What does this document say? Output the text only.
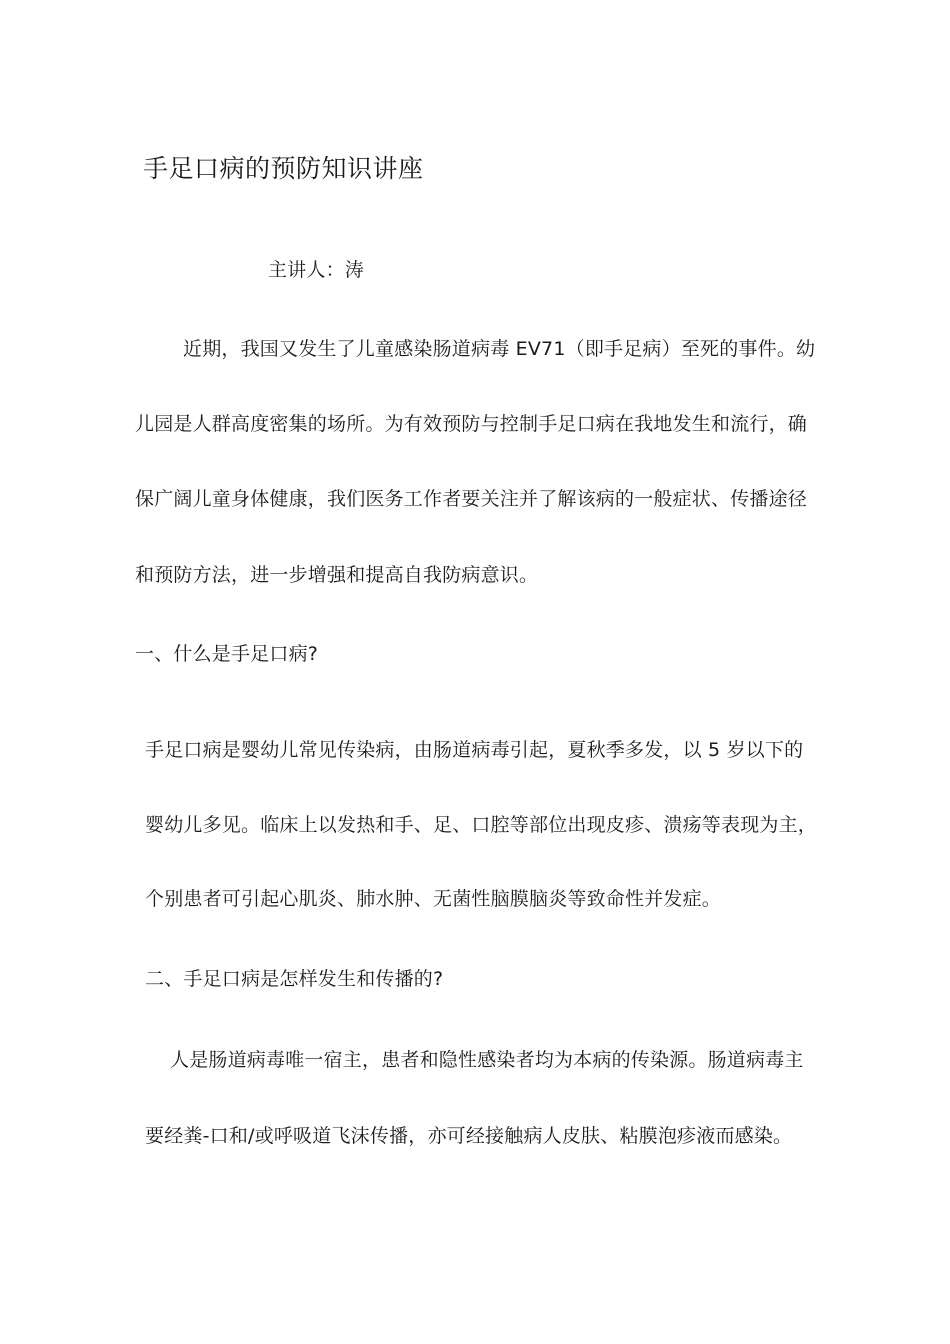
手足口病的预防知识讲座
主讲人：涛
近期，我国又发生了儿童感染肠道病毒 EV71（即手足病）至死的事件。幼
儿园是人群高度密集的场所。为有效预防与控制手足口病在我地发生和流行，确
保广阔儿童身体健康，我们医务工作者要关注并了解该病的一般症状、传播途径
和预防方法，进一步增强和提高自我防病意识。
一、什么是手足口病?
手足口病是婴幼儿常见传染病，由肠道病毒引起，夏秋季多发，以 5 岁以下的
婴幼儿多见。临床上以发热和手、足、口腔等部位出现皮疹、溃疡等表现为主，
个别患者可引起心肌炎、肺水肿、无菌性脑膜脑炎等致命性并发症。
二、手足口病是怎样发生和传播的?
人是肠道病毒唯一宿主，患者和隐性感染者均为本病的传染源。肠道病毒主
要经粪-口和/或呼吸道飞沫传播，亦可经接触病人皮肤、粘膜泡疹液而感染。
